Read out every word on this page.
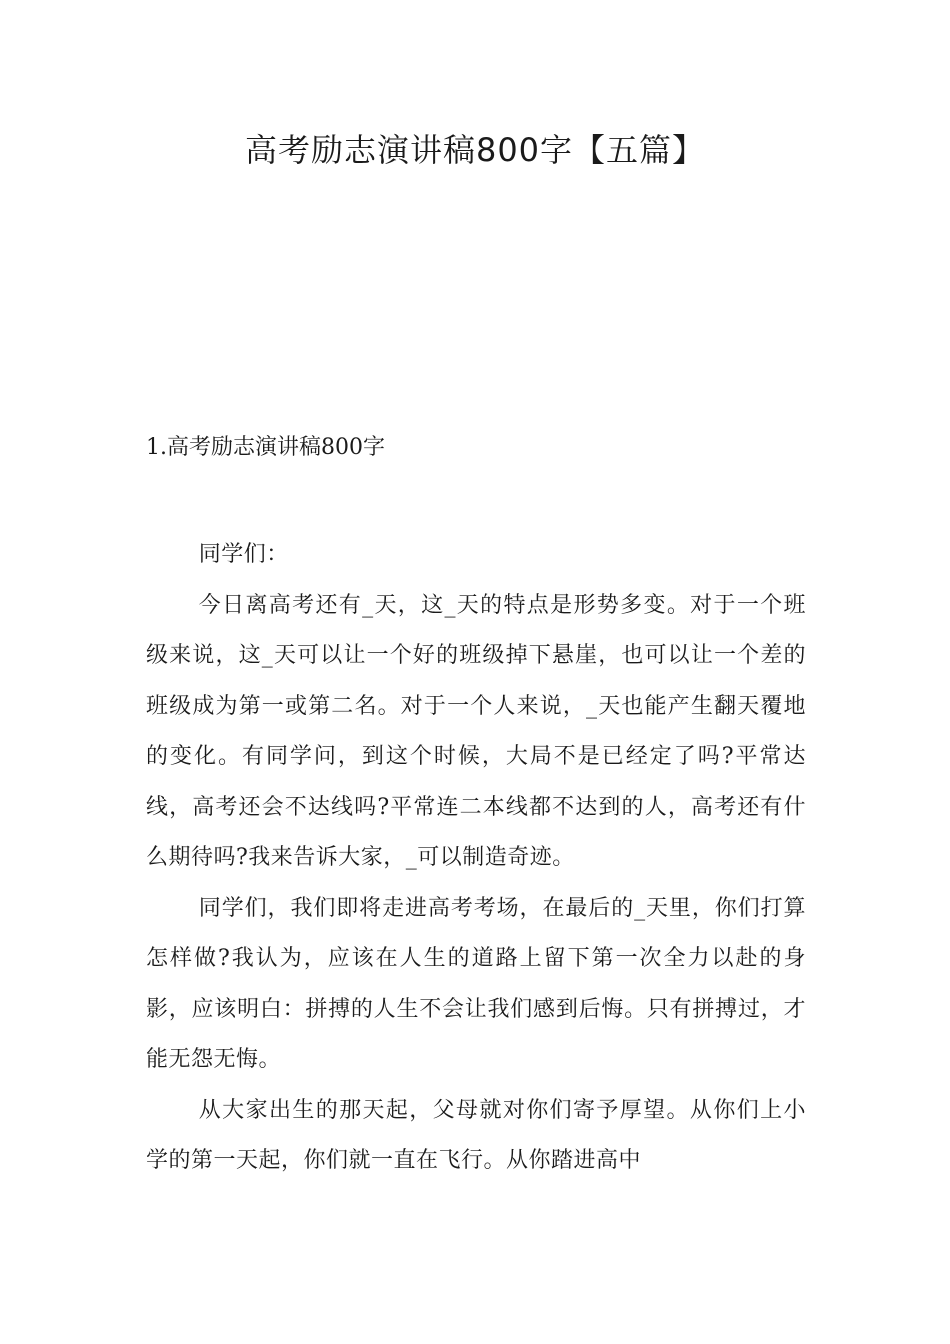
高考励志演讲稿800字【五篇】
1.高考励志演讲稿800字

同学们：

今日离高考还有_天，这_天的特点是形势多变。对于一个班级来说，这_天可以让一个好的班级掉下悬崖，也可以让一个差的班级成为第一或第二名。对于一个人来说，_天也能产生翻天覆地的变化。有同学问，到这个时候，大局不是已经定了吗?平常达线，高考还会不达线吗?平常连二本线都不达到的人，高考还有什么期待吗?我来告诉大家，_可以制造奇迹。

同学们，我们即将走进高考考场，在最后的_天里，你们打算怎样做?我认为，应该在人生的道路上留下第一次全力以赴的身影，应该明白：拼搏的人生不会让我们感到后悔。只有拼搏过，才能无怨无悔。

从大家出生的那天起，父母就对你们寄予厚望。从你们上小学的第一天起，你们就一直在飞行。从你踏进高中
